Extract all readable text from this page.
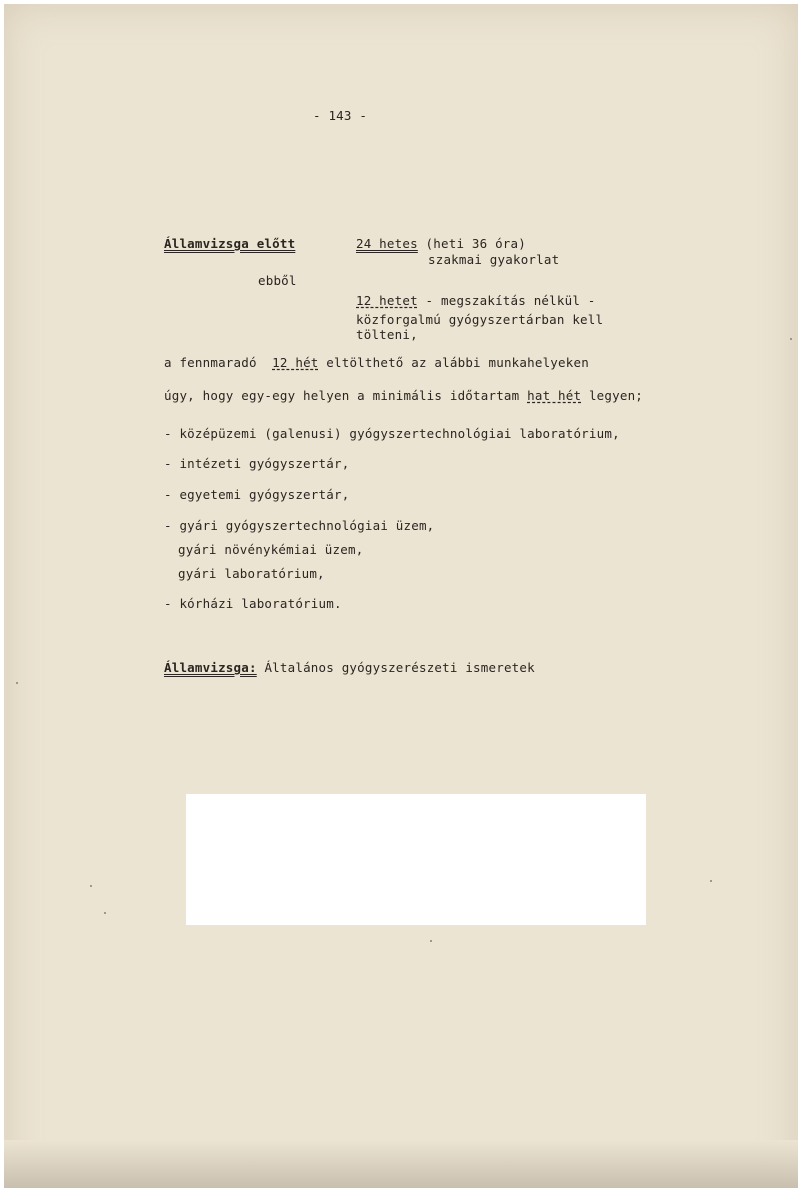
- 143 -
Államvizsga előtt	24 hetes (heti 36 óra)
szakmai gyakorlat
ebből
12 hetet - megszakítás nélkül -
közforgalmú gyógyszertárban kell
tölteni,
a fennmaradó 12 hét eltölthető az alábbi munkahelyeken
úgy, hogy egy-egy helyen a minimális időtartam hat hét legyen;
- középüzemi (galenusi) gyógyszertechnológiai laboratórium,
- intézeti gyógyszertár,
- egyetemi gyógyszertár,
- gyári gyógyszertechnológiai üzem,
gyári növénykémiai üzem,
gyári laboratórium,
- kórházi laboratórium.
Államvizsga: Általános gyógyszerészeti ismeretek
